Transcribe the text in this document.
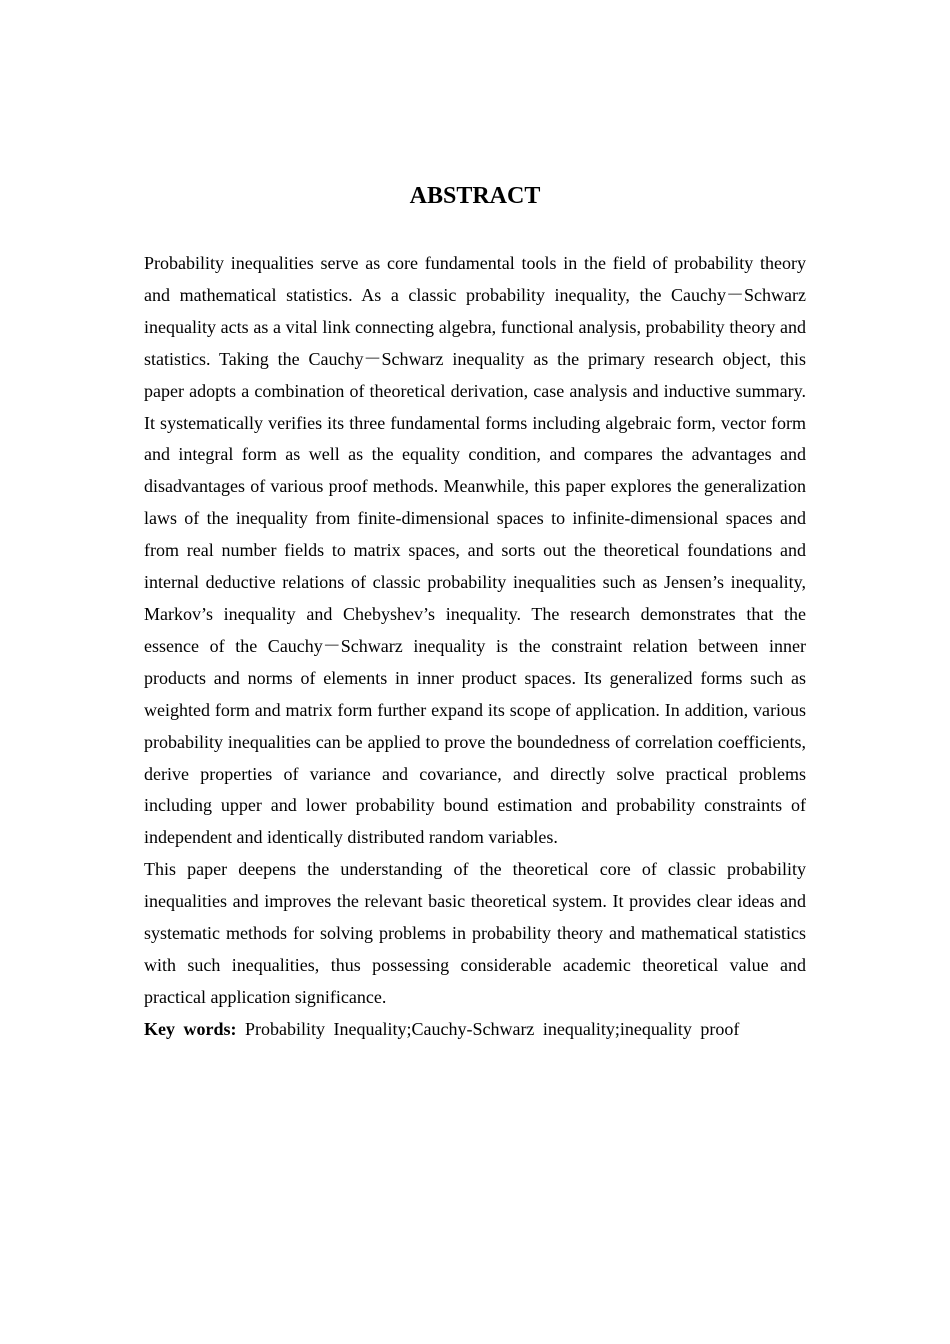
ABSTRACT

Probability inequalities serve as core fundamental tools in the field of probability theory and mathematical statistics. As a classic probability inequality, the Cauchy－Schwarz inequality acts as a vital link connecting algebra, functional analysis, probability theory and statistics. Taking the Cauchy－Schwarz inequality as the primary research object, this paper adopts a combination of theoretical derivation, case analysis and inductive summary. It systematically verifies its three fundamental forms including algebraic form, vector form and integral form as well as the equality condition, and compares the advantages and disadvantages of various proof methods. Meanwhile, this paper explores the generalization laws of the inequality from finite-dimensional spaces to infinite-dimensional spaces and from real number fields to matrix spaces, and sorts out the theoretical foundations and internal deductive relations of classic probability inequalities such as Jensen’s inequality, Markov’s inequality and Chebyshev’s inequality. The research demonstrates that the essence of the Cauchy－Schwarz inequality is the constraint relation between inner products and norms of elements in inner product spaces. Its generalized forms such as weighted form and matrix form further expand its scope of application. In addition, various probability inequalities can be applied to prove the boundedness of correlation coefficients, derive properties of variance and covariance, and directly solve practical problems including upper and lower probability bound estimation and probability constraints of independent and identically distributed random variables.

This paper deepens the understanding of the theoretical core of classic probability inequalities and improves the relevant basic theoretical system. It provides clear ideas and systematic methods for solving problems in probability theory and mathematical statistics with such inequalities, thus possessing considerable academic theoretical value and practical application significance.

Key words: Probability Inequality;Cauchy-Schwarz inequality;inequality proof
